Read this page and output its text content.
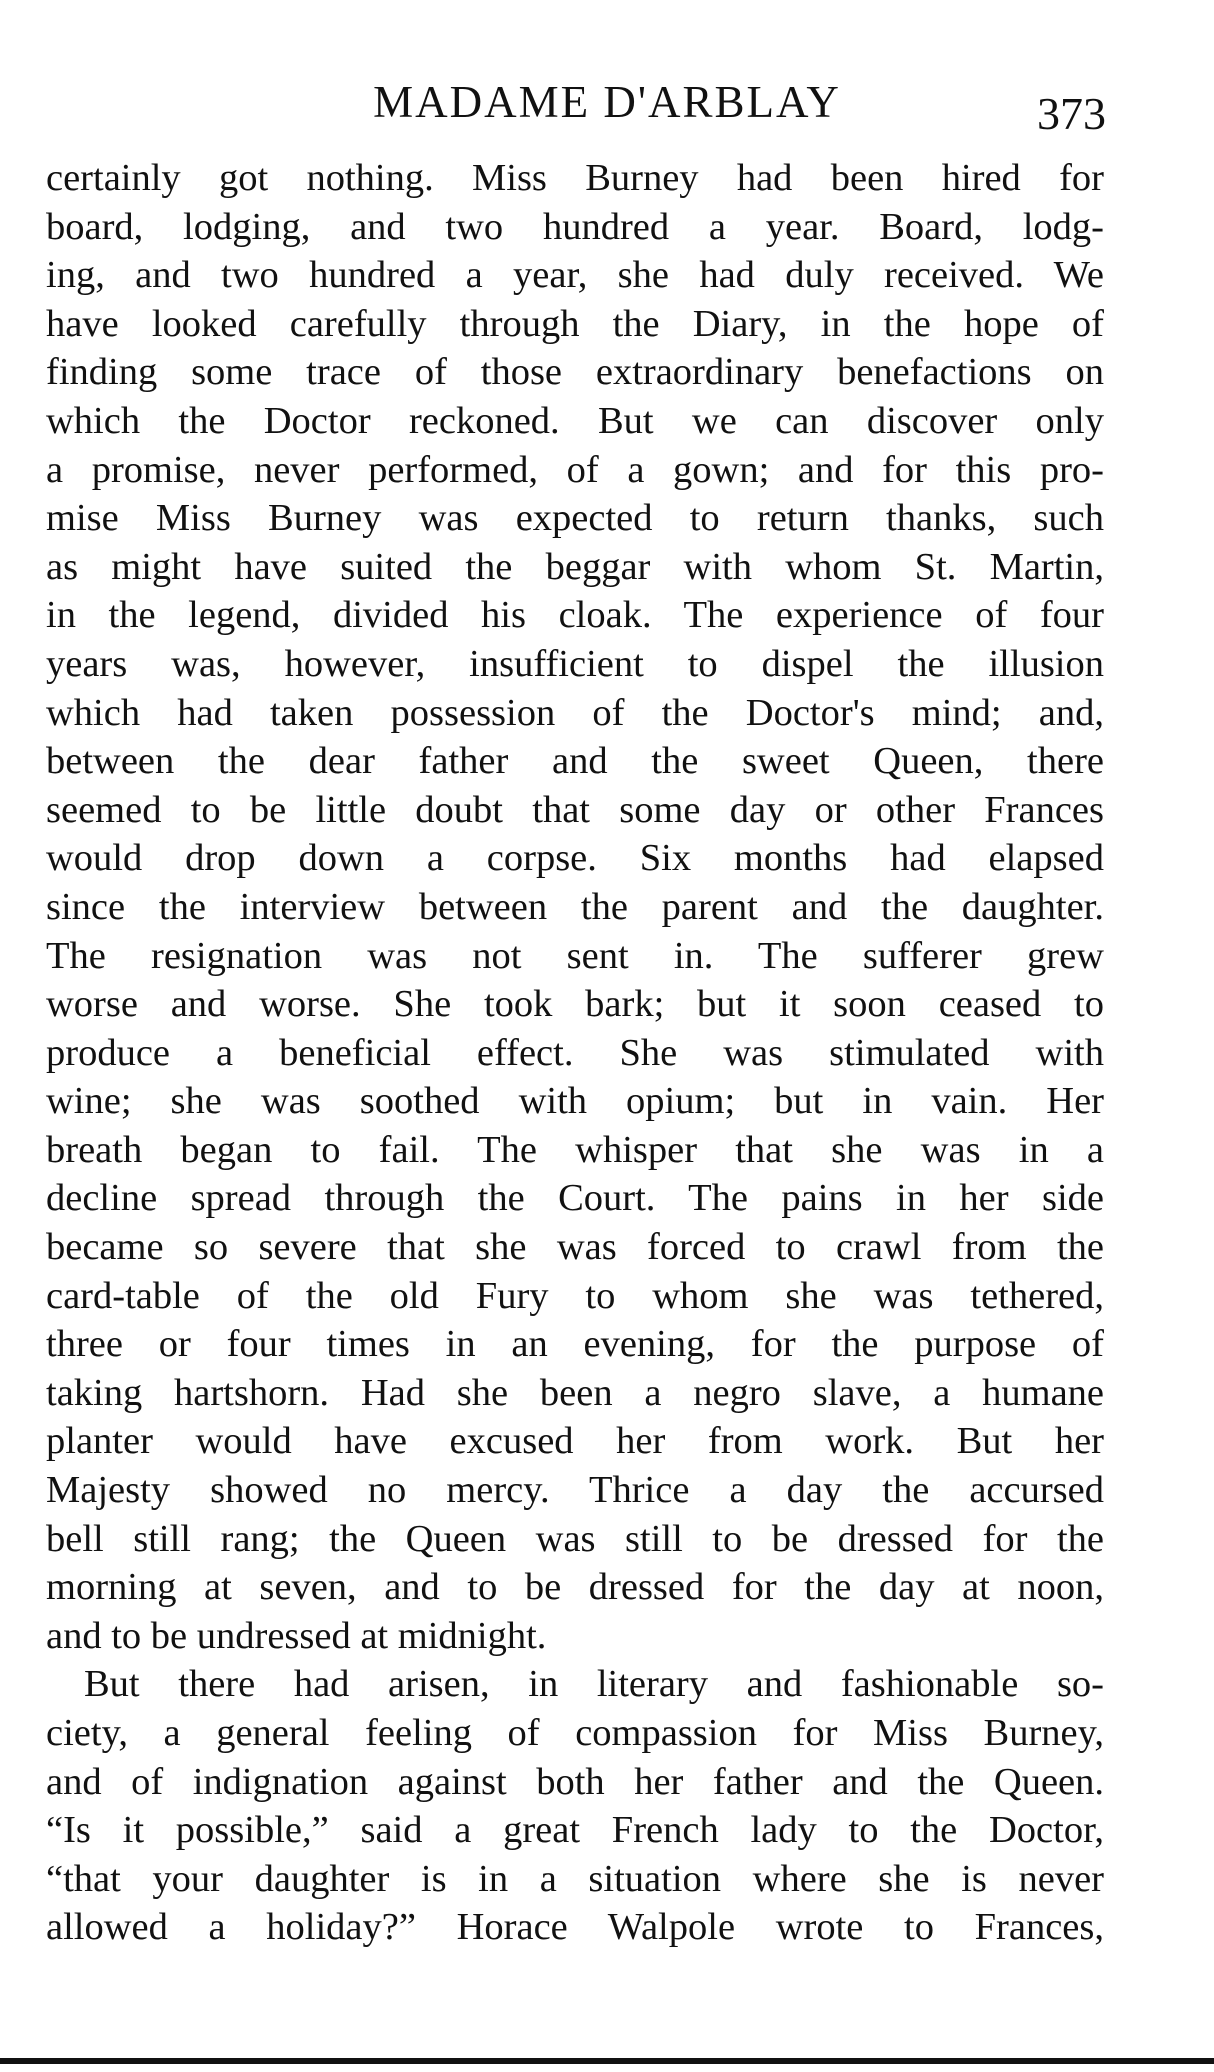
MADAME D'ARBLAY	373
certainly got nothing. Miss Burney had been hired for
board, lodging, and two hundred a year. Board, lodg-
ing, and two hundred a year, she had duly received. We
have looked carefully through the Diary, in the hope of
finding some trace of those extraordinary benefactions on
which the Doctor reckoned. But we can discover only
a promise, never performed, of a gown; and for this pro-
mise Miss Burney was expected to return thanks, such
as might have suited the beggar with whom St. Martin,
in the legend, divided his cloak. The experience of four
years was, however, insufficient to dispel the illusion
which had taken possession of the Doctor's mind; and,
between the dear father and the sweet Queen, there
seemed to be little doubt that some day or other Frances
would drop down a corpse. Six months had elapsed
since the interview between the parent and the daughter.
The resignation was not sent in. The sufferer grew
worse and worse. She took bark; but it soon ceased to
produce a beneficial effect. She was stimulated with
wine; she was soothed with opium; but in vain. Her
breath began to fail. The whisper that she was in a
decline spread through the Court. The pains in her side
became so severe that she was forced to crawl from the
card-table of the old Fury to whom she was tethered,
three or four times in an evening, for the purpose of
taking hartshorn. Had she been a negro slave, a humane
planter would have excused her from work. But her
Majesty showed no mercy. Thrice a day the accursed
bell still rang; the Queen was still to be dressed for the
morning at seven, and to be dressed for the day at noon,
and to be undressed at midnight.
But there had arisen, in literary and fashionable so-
ciety, a general feeling of compassion for Miss Burney,
and of indignation against both her father and the Queen.
“Is it possible,” said a great French lady to the Doctor,
“that your daughter is in a situation where she is never
allowed a holiday?” Horace Walpole wrote to Frances,
